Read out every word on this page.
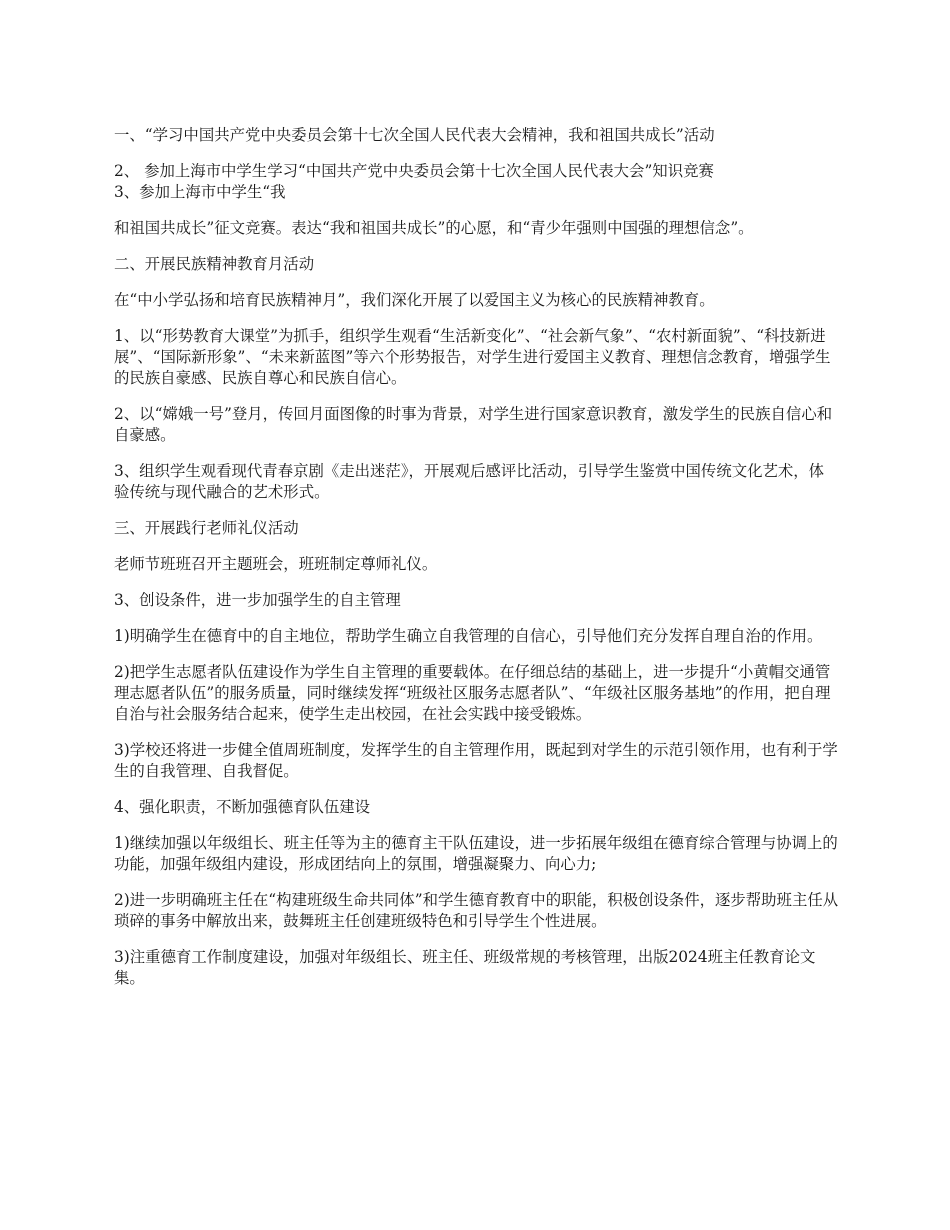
一、“学习中国共产党中央委员会第十七次全国人民代表大会精神，我和祖国共成长”活动

2、 参加上海市中学生学习“中国共产党中央委员会第十七次全国人民代表大会”知识竞赛

3、参加上海市中学生“我

和祖国共成长”征文竞赛。表达“我和祖国共成长”的心愿，和“青少年强则中国强的理想信念”。

二、开展民族精神教育月活动

在“中小学弘扬和培育民族精神月”，我们深化开展了以爱国主义为核心的民族精神教育。

1、以“形势教育大课堂”为抓手，组织学生观看“生活新变化”、“社会新气象”、“农村新面貌”、“科技新进展”、“国际新形象”、“未来新蓝图”等六个形势报告，对学生进行爱国主义教育、理想信念教育，增强学生的民族自豪感、民族自尊心和民族自信心。

2、以“嫦娥一号”登月，传回月面图像的时事为背景，对学生进行国家意识教育，激发学生的民族自信心和自豪感。

3、组织学生观看现代青春京剧《走出迷茫》，开展观后感评比活动，引导学生鉴赏中国传统文化艺术，体验传统与现代融合的艺术形式。

三、开展践行老师礼仪活动

老师节班班召开主题班会，班班制定尊师礼仪。

3、创设条件，进一步加强学生的自主管理

1)明确学生在德育中的自主地位，帮助学生确立自我管理的自信心，引导他们充分发挥自理自治的作用。

2)把学生志愿者队伍建设作为学生自主管理的重要载体。在仔细总结的基础上，进一步提升“小黄帽交通管理志愿者队伍”的服务质量，同时继续发挥“班级社区服务志愿者队”、“年级社区服务基地”的作用，把自理自治与社会服务结合起来，使学生走出校园，在社会实践中接受锻炼。

3)学校还将进一步健全值周班制度，发挥学生的自主管理作用，既起到对学生的示范引领作用，也有利于学生的自我管理、自我督促。

4、强化职责，不断加强德育队伍建设

1)继续加强以年级组长、班主任等为主的德育主干队伍建设，进一步拓展年级组在德育综合管理与协调上的功能，加强年级组内建设，形成团结向上的氛围，增强凝聚力、向心力;

2)进一步明确班主任在“构建班级生命共同体”和学生德育教育中的职能，积极创设条件，逐步帮助班主任从琐碎的事务中解放出来，鼓舞班主任创建班级特色和引导学生个性进展。

3)注重德育工作制度建设，加强对年级组长、班主任、班级常规的考核管理，出版2024班主任教育论文集。
